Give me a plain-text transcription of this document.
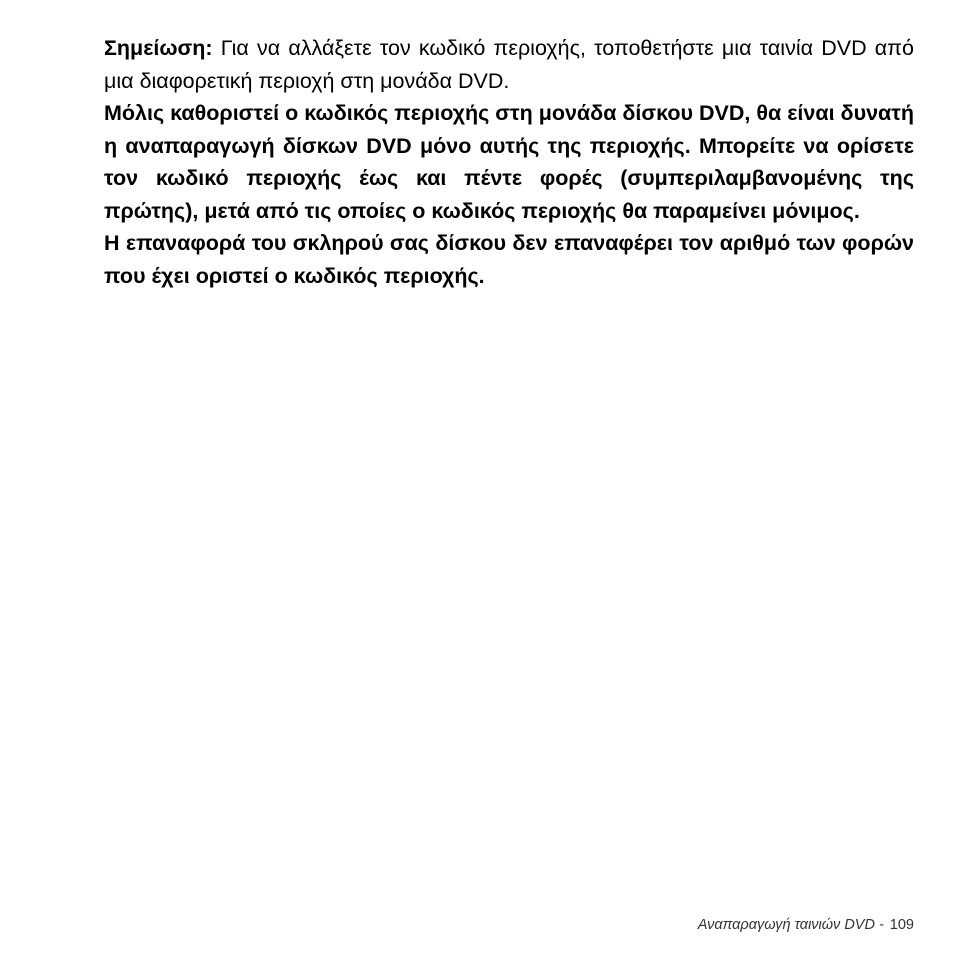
Σημείωση: Για να αλλάξετε τον κωδικό περιοχής, τοποθετήστε μια ταινία DVD από μια διαφορετική περιοχή στη μονάδα DVD.

Μόλις καθοριστεί ο κωδικός περιοχής στη μονάδα δίσκου DVD, θα είναι δυνατή η αναπαραγωγή δίσκων DVD μόνο αυτής της περιοχής. Μπορείτε να ορίσετε τον κωδικό περιοχής έως και πέντε φορές (συμπεριλαμβανομένης της πρώτης), μετά από τις οποίες ο κωδικός περιοχής θα παραμείνει μόνιμος.

Η επαναφορά του σκληρού σας δίσκου δεν επαναφέρει τον αριθμό των φορών που έχει οριστεί ο κωδικός περιοχής.

Αναπαραγωγή ταινιών DVD - 109
